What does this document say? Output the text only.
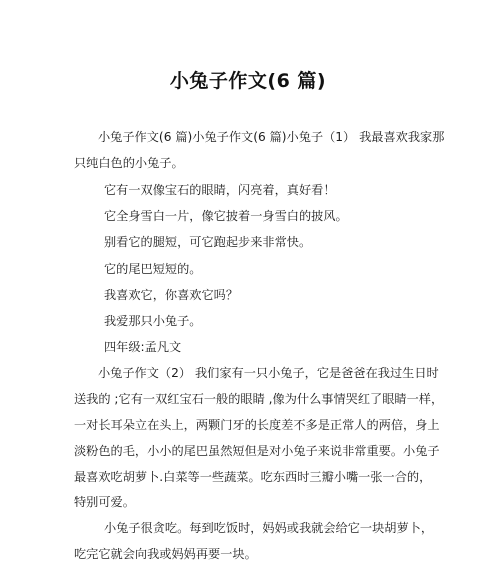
小兔子作文(6 篇)
小兔子作文(6 篇)小兔子作文(6 篇)小兔子（1） 我最喜欢我家那
只纯白色的小兔子。
它有一双像宝石的眼睛，闪亮着，真好看！
它全身雪白一片，像它披着一身雪白的披风。
别看它的腿短，可它跑起步来非常快。
它的尾巴短短的。
我喜欢它，你喜欢它吗？
我爱那只小兔子。
四年级:孟凡文
小兔子作文（2） 我们家有一只小兔子，它是爸爸在我过生日时
送我的 ;它有一双红宝石一般的眼睛 ,像为什么事情哭红了眼睛一样，
一对长耳朵立在头上，两颗门牙的长度差不多是正常人的两倍，身上
淡粉色的毛，小小的尾巴虽然短但是对小兔子来说非常重要。小兔子
最喜欢吃胡萝卜.白菜等一些蔬菜。吃东西时三瓣小嘴一张一合的，
特别可爱。
小兔子很贪吃。每到吃饭时，妈妈或我就会给它一块胡萝卜，
吃完它就会向我或妈妈再要一块。
